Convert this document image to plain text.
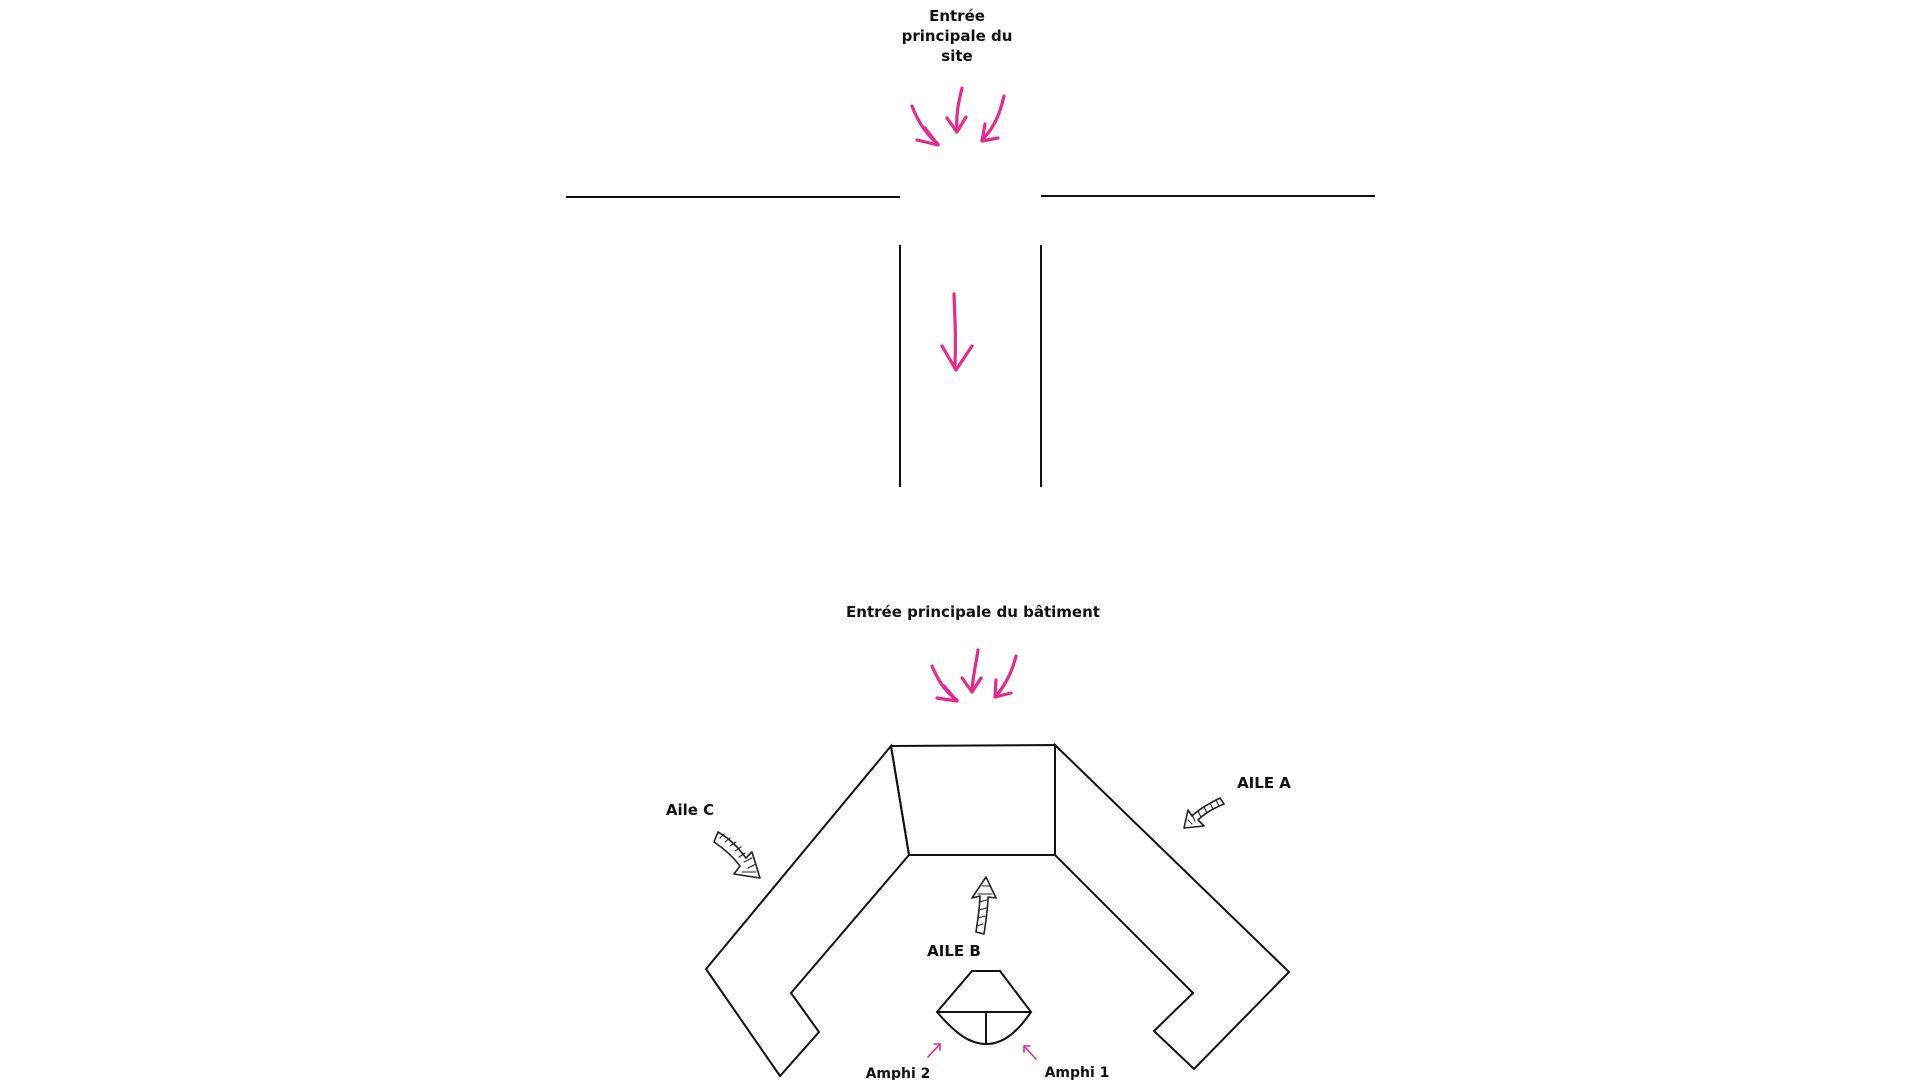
Entrée
principale du
site
Entrée principale du bâtiment
Aile C
AILE A
AILE B
Amphi 2	Amphi 1
